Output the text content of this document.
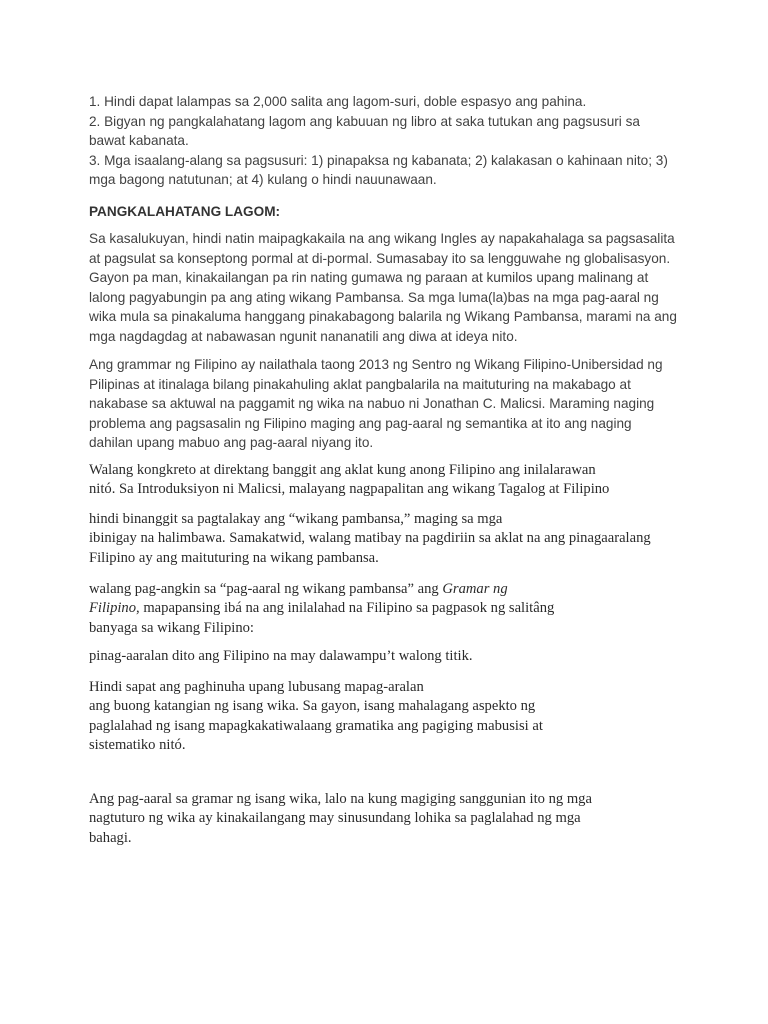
1. Hindi dapat lalampas sa 2,000 salita ang lagom-suri, doble espasyo ang pahina.
2. Bigyan ng pangkalahatang lagom ang kabuuan ng libro at saka tutukan ang pagsusuri sa
bawat kabanata.
3. Mga isaalang-alang sa pagsusuri: 1) pinapaksa ng kabanata; 2) kalakasan o kahinaan nito; 3)
mga bagong natutunan; at 4) kulang o hindi nauunawaan.
PANGKALAHATANG LAGOM:
Sa kasalukuyan, hindi natin maipagkakaila na ang wikang Ingles ay napakahalaga sa pagsasalita
at pagsulat sa konseptong pormal at di-pormal. Sumasabay ito sa lengguwahe ng globalisasyon.
Gayon pa man, kinakailangan pa rin nating gumawa ng paraan at kumilos upang malinang at
lalong pagyabungin pa ang ating wikang Pambansa. Sa mga luma(la)bas na mga pag-aaral ng
wika mula sa pinakaluma hanggang pinakabagong balarila ng Wikang Pambansa, marami na ang
mga nagdagdag at nabawasan ngunit nananatili ang diwa at ideya nito.
Ang grammar ng Filipino ay nailathala taong 2013 ng Sentro ng Wikang Filipino-Unibersidad ng
Pilipinas at itinalaga bilang pinakahuling aklat pangbalarila na maituturing na makabago at
nakabase sa aktuwal na paggamit ng wika na nabuo ni Jonathan C. Malicsi. Maraming naging
problema ang pagsasalin ng Filipino maging ang pag-aaral ng semantika at ito ang naging
dahilan upang mabuo ang pag-aaral niyang ito.
Walang kongkreto at direktang banggit ang aklat kung anong Filipino ang inilalarawan
nitó. Sa Introduksiyon ni Malicsi, malayang nagpapalitan ang wikang Tagalog at Filipino
hindi binanggit sa pagtalakay ang “wikang pambansa,” maging sa mga
ibinigay na halimbawa. Samakatwid, walang matibay na pagdiriin sa aklat na ang pinagaaralang
Filipino ay ang maituturing na wikang pambansa.
walang pag-angkin sa “pag-aaral ng wikang pambansa” ang Gramar ng
Filipino, mapapansing ibá na ang inilalahad na Filipino sa pagpasok ng salitâng
banyaga sa wikang Filipino:
pinag-aaralan dito ang Filipino na may dalawampu’t walong titik.
Hindi sapat ang paghinuha upang lubusang mapag-aralan
ang buong katangian ng isang wika. Sa gayon, isang mahalagang aspekto ng
paglalahad ng isang mapagkakatiwalaang gramatika ang pagiging mabusisi at
sistematiko nitó.
Ang pag-aaral sa gramar ng isang wika, lalo na kung magiging sanggunian ito ng mga
nagtuturo ng wika ay kinakailangang may sinusundang lohika sa paglalahad ng mga
bahagi.
